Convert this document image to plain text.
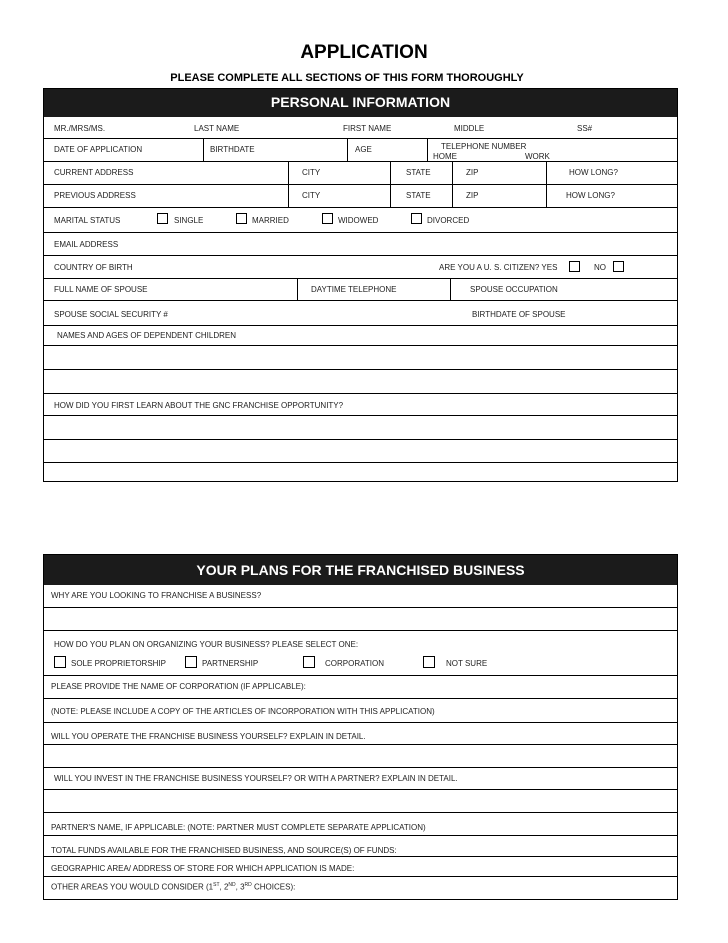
APPLICATION
PLEASE COMPLETE ALL SECTIONS OF THIS FORM THOROUGHLY
PERSONAL INFORMATION
MR./MRS/MS.	LAST NAME	FIRST NAME	MIDDLE	SS#
DATE OF APPLICATION	BIRTHDATE	AGE	TELEPHONE NUMBER
HOME	WORK
CURRENT ADDRESS	CITY	STATE	ZIP	HOW LONG?
PREVIOUS ADDRESS	CITY	STATE	ZIP	HOW LONG?
MARITAL STATUS	SINGLE	MARRIED	WIDOWED	DIVORCED
EMAIL ADDRESS
COUNTRY OF BIRTH	ARE YOU A U. S. CITIZEN? YES	NO
FULL NAME OF SPOUSE	DAYTIME TELEPHONE	SPOUSE OCCUPATION
SPOUSE SOCIAL SECURITY #	BIRTHDATE OF SPOUSE
NAMES AND AGES OF DEPENDENT CHILDREN
HOW DID YOU FIRST LEARN ABOUT THE GNC FRANCHISE OPPORTUNITY?
YOUR PLANS FOR THE FRANCHISED BUSINESS
WHY ARE YOU LOOKING TO FRANCHISE A BUSINESS?
HOW DO YOU PLAN ON ORGANIZING YOUR BUSINESS? PLEASE SELECT ONE:
SOLE PROPRIETORSHIP	PARTNERSHIP	CORPORATION	NOT SURE
PLEASE PROVIDE THE NAME OF CORPORATION (IF APPLICABLE):
(NOTE: PLEASE INCLUDE A COPY OF THE ARTICLES OF INCORPORATION WITH THIS APPLICATION)
WILL YOU OPERATE THE FRANCHISE BUSINESS YOURSELF? EXPLAIN IN DETAIL.
WILL YOU INVEST IN THE FRANCHISE BUSINESS YOURSELF? OR WITH A PARTNER? EXPLAIN IN DETAIL.
PARTNER'S NAME, IF APPLICABLE: (NOTE: PARTNER MUST COMPLETE SEPARATE APPLICATION)
TOTAL FUNDS AVAILABLE FOR THE FRANCHISED BUSINESS, AND SOURCE(S) OF FUNDS:
GEOGRAPHIC AREA/ ADDRESS OF STORE FOR WHICH APPLICATION IS MADE:
OTHER AREAS YOU WOULD CONSIDER (1ST, 2ND, 3RD CHOICES):
